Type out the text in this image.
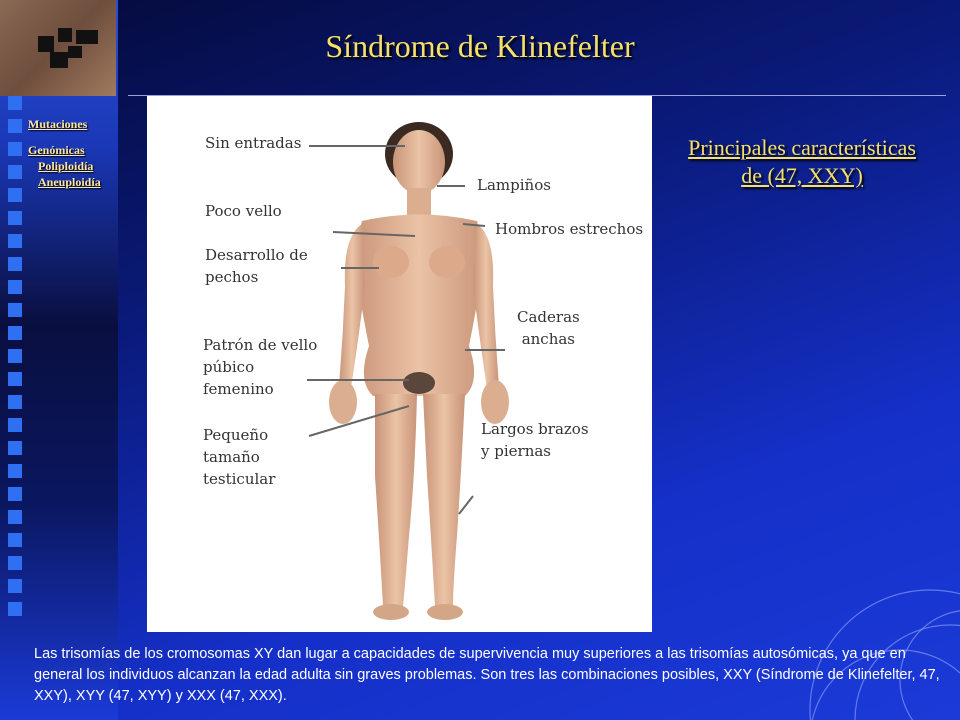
Síndrome de Klinefelter
Mutaciones
Genómicas
Poliploidía
Aneuploidía
Sin entradas
Poco vello
Desarrollo de
pechos
Patrón de vello
púbico
femenino
Pequeño
tamaño
testicular
Lampiños
Hombros estrechos
Caderas
anchas
Largos brazos
y piernas
Principales características
de (47, XXY)
Las trisomías de los cromosomas XY dan lugar a capacidades de supervivencia muy superiores a las trisomías autosómicas, ya que en general los individuos alcanzan la edad adulta sin graves problemas. Son tres las combinaciones posibles, XXY (Síndrome de Klinefelter, 47, XXY), XYY (47, XYY) y XXX (47, XXX).
